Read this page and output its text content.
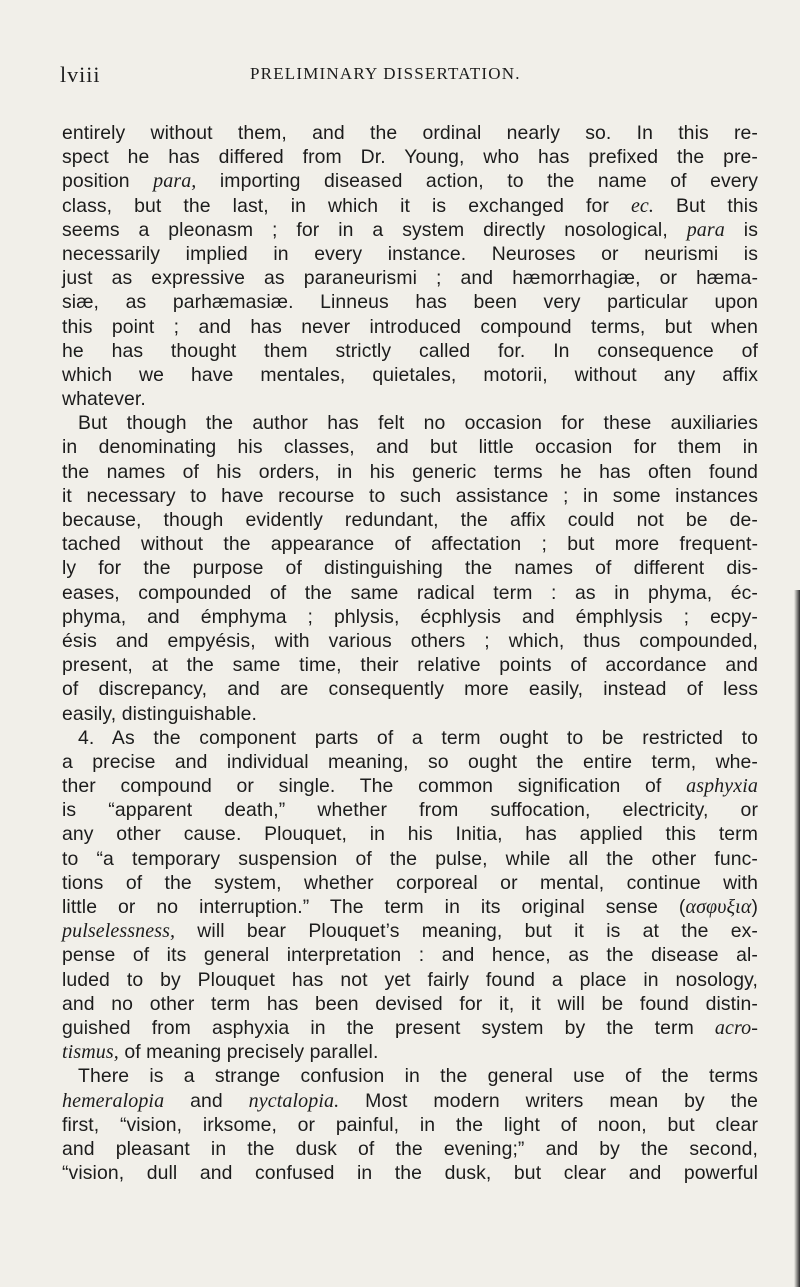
lviii	PRELIMINARY DISSERTATION.
entirely without them, and the ordinal nearly so. In this re-
spect he has differed from Dr. Young, who has prefixed the pre-
position para, importing diseased action, to the name of every
class, but the last, in which it is exchanged for ec. But this
seems a pleonasm ; for in a system directly nosological, para is
necessarily implied in every instance. Neuroses or neurismi is
just as expressive as paraneurismi ; and hæmorrhagiæ, or hæma-
siæ, as parhæmasiæ. Linneus has been very particular upon
this point ; and has never introduced compound terms, but when
he has thought them strictly called for. In consequence of
which we have mentales, quietales, motorii, without any affix
whatever.
But though the author has felt no occasion for these auxiliaries
in denominating his classes, and but little occasion for them in
the names of his orders, in his generic terms he has often found
it necessary to have recourse to such assistance ; in some instances
because, though evidently redundant, the affix could not be de-
tached without the appearance of affectation ; but more frequent-
ly for the purpose of distinguishing the names of different dis-
eases, compounded of the same radical term : as in phyma, éc-
phyma, and émphyma ; phlysis, écphlysis and émphlysis ; ecpy-
ésis and empyésis, with various others ; which, thus compounded,
present, at the same time, their relative points of accordance and
of discrepancy, and are consequently more easily, instead of less
easily, distinguishable.
4. As the component parts of a term ought to be restricted to
a precise and individual meaning, so ought the entire term, whe-
ther compound or single. The common signification of asphyxia
is “apparent death,” whether from suffocation, electricity, or
any other cause. Plouquet, in his Initia, has applied this term
to “a temporary suspension of the pulse, while all the other func-
tions of the system, whether corporeal or mental, continue with
little or no interruption.” The term in its original sense (ασφυξια)
pulselessness, will bear Plouquet’s meaning, but it is at the ex-
pense of its general interpretation : and hence, as the disease al-
luded to by Plouquet has not yet fairly found a place in nosology,
and no other term has been devised for it, it will be found distin-
guished from asphyxia in the present system by the term acro-
tismus, of meaning precisely parallel.
There is a strange confusion in the general use of the terms
hemeralopia and nyctalopia. Most modern writers mean by the
first, “vision, irksome, or painful, in the light of noon, but clear
and pleasant in the dusk of the evening;” and by the second,
“vision, dull and confused in the dusk, but clear and powerful
